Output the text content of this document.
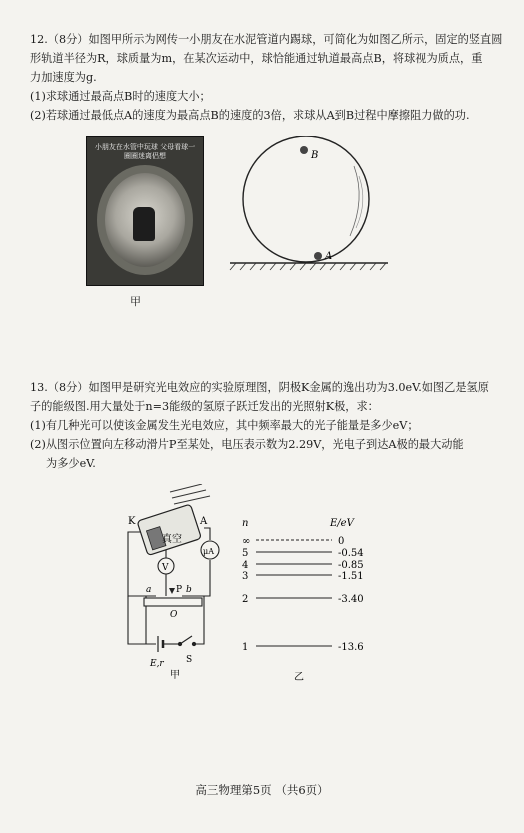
12.（8分）如图甲所示为网传一小朋友在水泥管道内踢球，可简化为如图乙所示，固定的竖直圆

形轨道半径为R，球质量为m，在某次运动中，球恰能通过轨道最高点B，将球视为质点，重

力加速度为g.

(1)求球通过最高点B时的速度大小；

(2)若球通过最低点A的速度为最高点B的速度的3倍，求球从A到B过程中摩擦阻力做的功.

小朋友在水管中玩球 父母看球一圈圈迷离侣想
甲
B
A

13.（8分）如图甲是研究光电效应的实验原理图，阴极K金属的逸出功为3.0eV.如图乙是氢原

子的能级图.用大量处于n=3能级的氢原子跃迁发出的光照射K极，求：

(1)有几种光可以使该金属发生光电效应，其中频率最大的光子能量是多少eV；

(2)从图示位置向左移动滑片P至某处，电压表示数为2.29V，光电子到达A极的最大动能

为多少eV.

真空
K	A
V
μA
a	P b
O
E,r S
甲
n	E/eV
∞	0
5	-0.54
4	-0.85
3	-1.51
2	-3.40
1	-13.6
乙
高三物理第5页 （共6页）
